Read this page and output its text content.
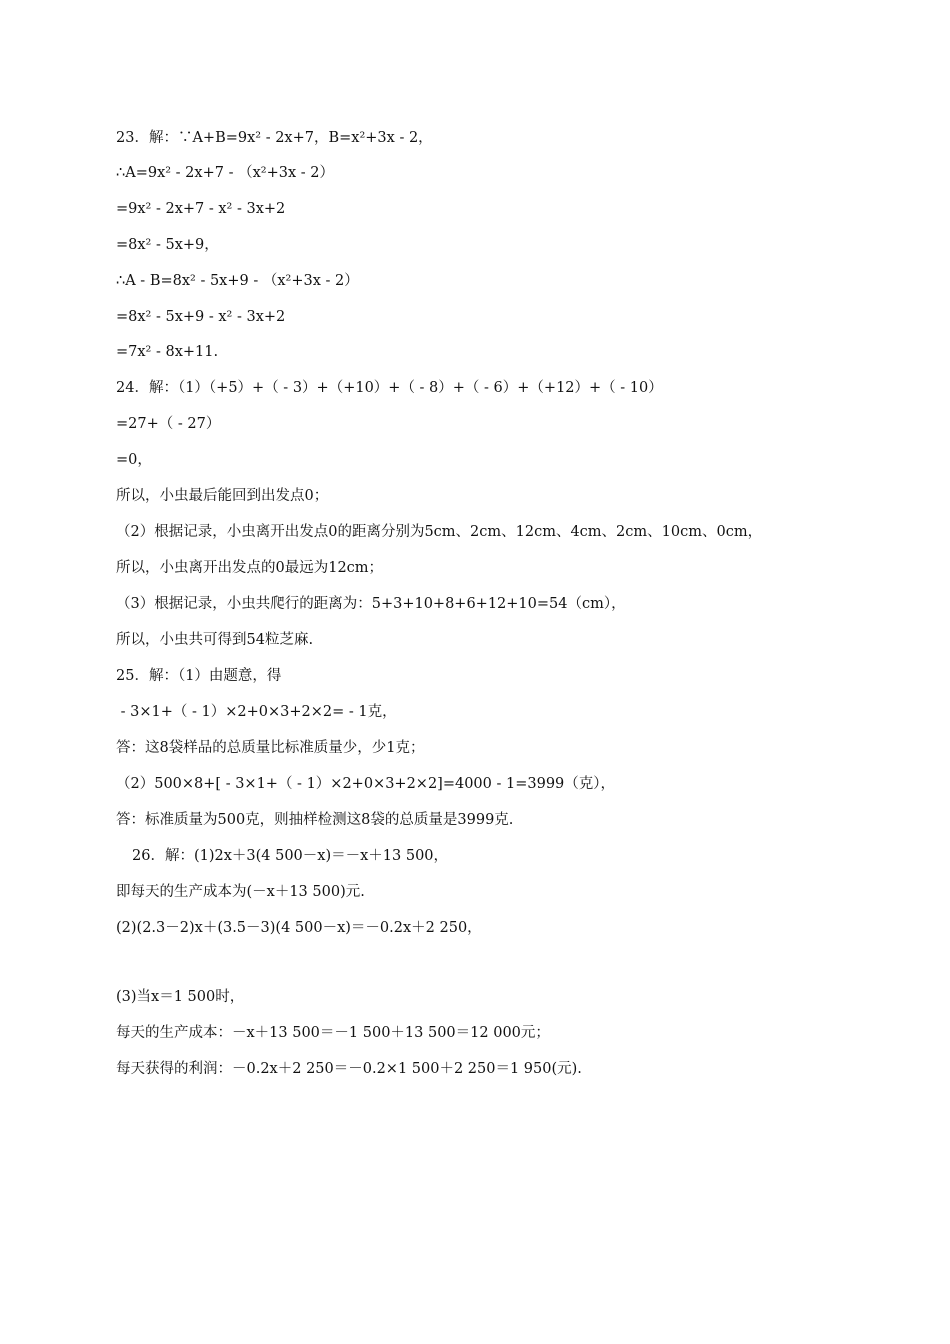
23．解：∵A+B=9x² - 2x+7，B=x²+3x - 2，
∴A=9x² - 2x+7 - （x²+3x - 2）
=9x² - 2x+7 - x² - 3x+2
=8x² - 5x+9，
∴A - B=8x² - 5x+9 - （x²+3x - 2）
=8x² - 5x+9 - x² - 3x+2
=7x² - 8x+11.
24．解：（1）（+5）+（ - 3）+（+10）+（ - 8）+（ - 6）+（+12）+（ - 10）
=27+（ - 27）
=0，
所以，小虫最后能回到出发点0；
（2）根据记录，小虫离开出发点0的距离分别为5cm、2cm、12cm、4cm、2cm、10cm、0cm，
所以，小虫离开出发点的0最远为12cm；
（3）根据记录，小虫共爬行的距离为：5+3+10+8+6+12+10=54（cm），
所以，小虫共可得到54粒芝麻.
25．解：（1）由题意，得
- 3×1+（ - 1）×2+0×3+2×2= - 1克，
答：这8袋样品的总质量比标准质量少，少1克；
（2）500×8+[ - 3×1+（ - 1）×2+0×3+2×2]=4000 - 1=3999（克），
答：标准质量为500克，则抽样检测这8袋的总质量是3999克.
26．解：(1)2x＋3(4 500－x)＝－x＋13 500，
即每天的生产成本为(－x＋13 500)元.
(2)(2.3－2)x＋(3.5－3)(4 500－x)＝－0.2x＋2 250，
(3)当x＝1 500时，
每天的生产成本：－x＋13 500＝－1 500＋13 500＝12 000元；
每天获得的利润：－0.2x＋2 250＝－0.2×1 500＋2 250＝1 950(元).
